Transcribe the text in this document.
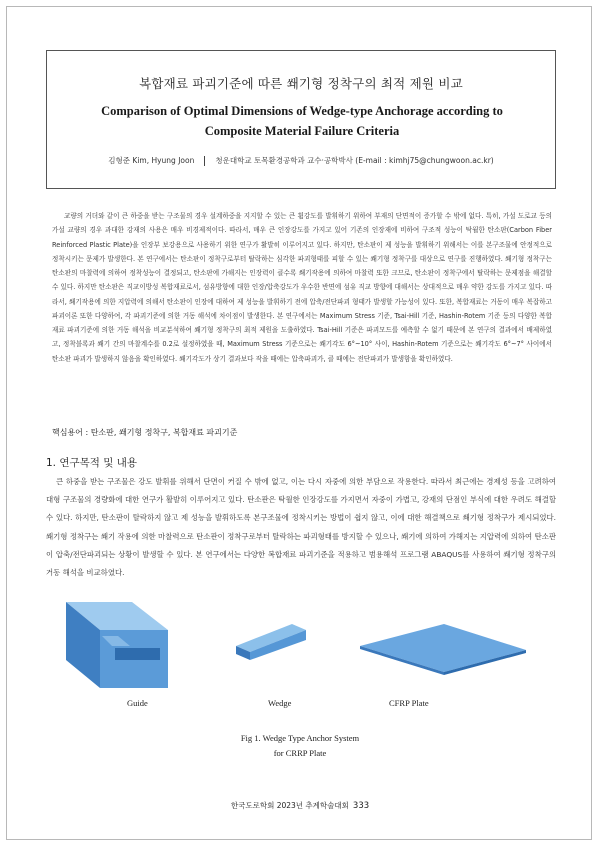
복합재료 파괴기준에 따른 쐐기형 정착구의 최적 제원 비교
Comparison of Optimal Dimensions of Wedge-type Anchorage according to Composite Material Failure Criteria
김형준 Kim, Hyung Joon	청운대학교 토목환경공학과 교수·공학박사 (E-mail : kimhj75@chungwoon.ac.kr)
교량의 거더와 같이 큰 하중을 받는 구조물의 경우 설계하중을 지지할 수 있는 큰 휨강도를 발휘하기 위하여 부재의 단면적이 증가할 수 밖에 없다. 특히, 가설 도로교 등의 가설 교량의 경우 과대한 강재의 사용은 매우 비경제적이다. 따라서, 매우 큰 인장강도를 가지고 있어 기존의 인장재에 비하여 구조적 성능이 탁월한 탄소판(Carbon Fiber Reinforced Plastic Plate)을 인장부 보강용으로 사용하기 위한 연구가 활발히 이루어지고 있다. 하지만, 탄소판이 제 성능을 발휘하기 위해서는 이를 본구조물에 안정적으로 정착시키는 문제가 발생한다. 본 연구에서는 탄소판이 정착구로부터 탈락하는 심각한 파괴형태를 피할 수 있는 쐐기형 정착구를 대상으로 연구를 진행하였다. 쐐기형 정착구는 탄소판의 마찰력에 의하여 정착성능이 결정되고, 탄소판에 가해지는 인장력이 클수록 쐐기작용에 의하여 마찰력 또한 크므로, 탄소판이 정착구에서 탈락하는 문제점을 해결할 수 있다. 하지만 탄소판은 직교이방성 복합재료로서, 섬유방향에 대한 인장/압축강도가 우수한 반면에 섬유 직교 방향에 대해서는 상대적으로 매우 약한 강도를 가지고 있다. 따라서, 쐐기작용에 의한 지압력에 의해서 탄소판이 인장에 대하여 제 성능을 발휘하기 전에 압축/전단파괴 형태가 발생할 가능성이 있다. 또한, 복합재료는 거동이 매우 복잡하고 파괴이론 또한 다양하여, 각 파괴기준에 의한 거동 해석에 차이점이 발생한다. 본 연구에서는 Maximum Stress 기준, Tsai-Hill 기준, Hashin-Rotem 기준 등의 다양한 복합재료 파괴기준에 의한 거동 해석을 비교분석하여 쐐기형 정착구의 최적 제원을 도출하였다. Tsai-Hill 기준은 파괴모드를 예측할 수 없기 때문에 본 연구의 결과에서 배제하였고, 정착블록과 쐐기 간의 마찰계수를 0.2로 설정하였을 때, Maximum Stress 기준으로는 쐐기각도 6°~10° 사이, Hashin-Rotem 기준으로는 쐐기각도 6°~7° 사이에서 탄소판 파괴가 발생하지 않음을 확인하였다. 쐐기각도가 상기 결과보다 작을 때에는 압축파괴가, 클 때에는 전단파괴가 발생함을 확인하였다.
핵심용어 : 탄소판, 쐐기형 정착구, 복합재료 파괴기준
1. 연구목적 및 내용
큰 하중을 받는 구조물은 강도 발휘를 위해서 단면이 커질 수 밖에 없고, 이는 다시 자중에 의한 부담으로 작용한다. 따라서 최근에는 경제성 등을 고려하여 대형 구조물의 경량화에 대한 연구가 활발히 이루어지고 있다. 탄소판은 탁월한 인장강도를 가지면서 자중이 가볍고, 강재의 단점인 부식에 대한 우려도 해결할 수 있다. 하지만, 탄소판이 탈락하지 않고 제 성능을 발휘하도록 본구조물에 정착시키는 방법이 쉽지 않고, 이에 대한 해결책으로 쐐기형 정착구가 제시되었다. 쐐기형 정착구는 쐐기 작용에 의한 마찰력으로 탄소판이 정착구로부터 탈락하는 파괴형태를 방지할 수 있으나, 쐐기에 의하여 가해지는 지압력에 의하여 탄소판이 압축/전단파괴되는 상황이 발생할 수 있다. 본 연구에서는 다양한 복합재료 파괴기준을 적용하고 범용해석 프로그램 ABAQUS를 사용하여 쐐기형 정착구의 거동 해석을 비교하였다.
Guide	Wedge	CFRP Plate
Fig 1. Wedge Type Anchor System
for CRRP Plate
한국도로학회 2023년 추계학술대회 333
